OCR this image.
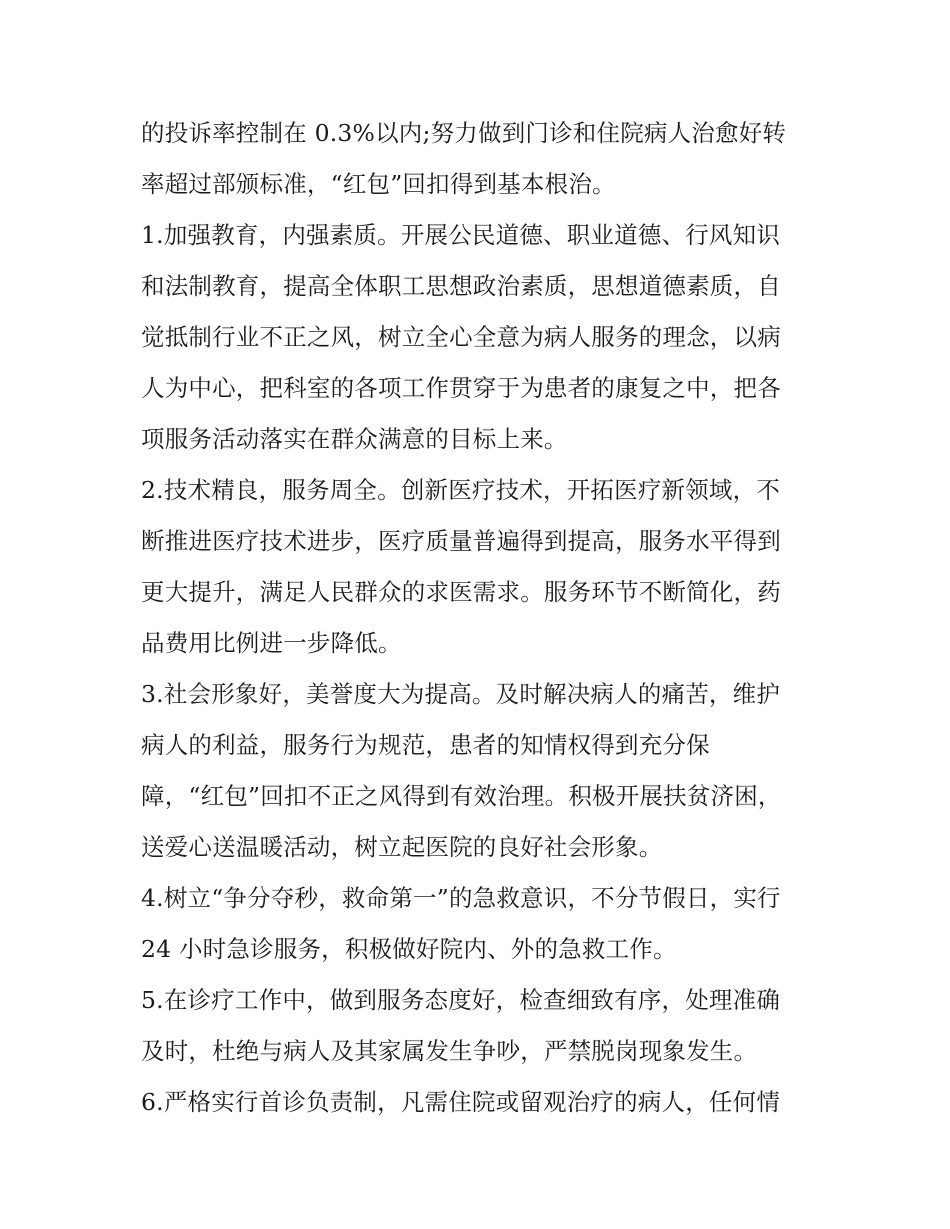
的投诉率控制在 0.3%以内;努力做到门诊和住院病人治愈好转
率超过部颁标准，“红包”回扣得到基本根治。
1.加强教育，内强素质。开展公民道德、职业道德、行风知识
和法制教育，提高全体职工思想政治素质，思想道德素质，自
觉抵制行业不正之风，树立全心全意为病人服务的理念，以病
人为中心，把科室的各项工作贯穿于为患者的康复之中，把各
项服务活动落实在群众满意的目标上来。
2.技术精良，服务周全。创新医疗技术，开拓医疗新领域，不
断推进医疗技术进步，医疗质量普遍得到提高，服务水平得到
更大提升，满足人民群众的求医需求。服务环节不断简化，药
品费用比例进一步降低。
3.社会形象好，美誉度大为提高。及时解决病人的痛苦，维护
病人的利益，服务行为规范，患者的知情权得到充分保
障，“红包”回扣不正之风得到有效治理。积极开展扶贫济困，
送爱心送温暖活动，树立起医院的良好社会形象。
4.树立“争分夺秒，救命第一”的急救意识，不分节假日，实行
24 小时急诊服务，积极做好院内、外的急救工作。
5.在诊疗工作中，做到服务态度好，检查细致有序，处理准确
及时，杜绝与病人及其家属发生争吵，严禁脱岗现象发生。
6.严格实行首诊负责制，凡需住院或留观治疗的病人，任何情
